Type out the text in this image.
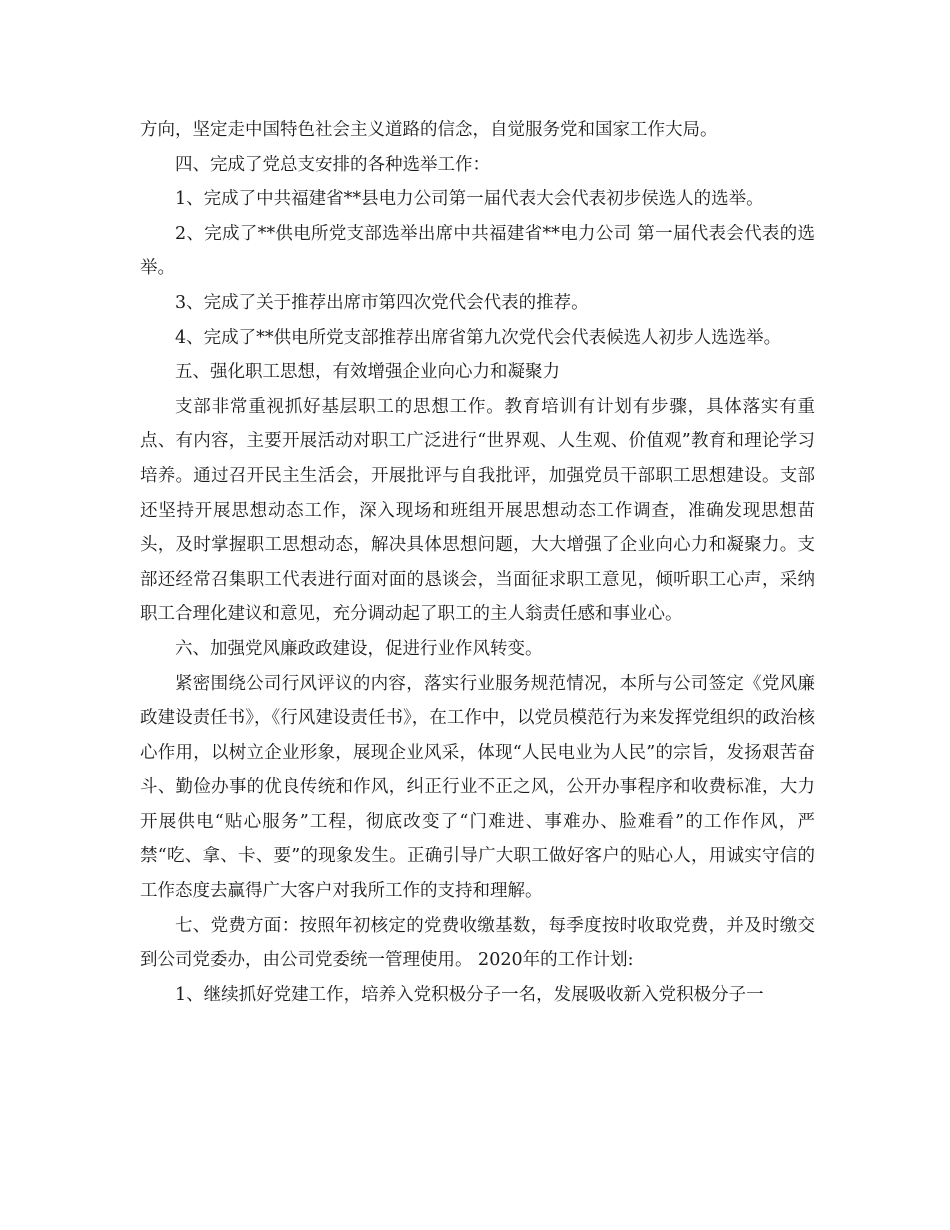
方向，坚定走中国特色社会主义道路的信念，自觉服务党和国家工作大局。

四、完成了党总支安排的各种选举工作：

1、完成了中共福建省**县电力公司第一届代表大会代表初步侯选人的选举。

2、完成了**供电所党支部选举出席中共福建省**电力公司 第一届代表会代表的选举。

3、完成了关于推荐出席市第四次党代会代表的推荐。

4、完成了**供电所党支部推荐出席省第九次党代会代表候选人初步人选选举。

五、强化职工思想，有效增强企业向心力和凝聚力

支部非常重视抓好基层职工的思想工作。教育培训有计划有步骤，具体落实有重点、有内容，主要开展活动对职工广泛进行“世界观、人生观、价值观”教育和理论学习培养。通过召开民主生活会，开展批评与自我批评，加强党员干部职工思想建设。支部还坚持开展思想动态工作，深入现场和班组开展思想动态工作调查，准确发现思想苗头，及时掌握职工思想动态，解决具体思想问题，大大增强了企业向心力和凝聚力。支部还经常召集职工代表进行面对面的恳谈会，当面征求职工意见，倾听职工心声，采纳职工合理化建议和意见，充分调动起了职工的主人翁责任感和事业心。

六、加强党风廉政政建设，促进行业作风转变。

紧密围绕公司行风评议的内容，落实行业服务规范情况，本所与公司签定《党风廉政建设责任书》，《行风建设责任书》，在工作中，以党员模范行为来发挥党组织的政治核心作用，以树立企业形象，展现企业风采，体现“人民电业为人民”的宗旨，发扬艰苦奋斗、勤俭办事的优良传统和作风，纠正行业不正之风，公开办事程序和收费标准，大力开展供电“贴心服务”工程，彻底改变了“门难进、事难办、脸难看”的工作作风，严禁“吃、拿、卡、要”的现象发生。正确引导广大职工做好客户的贴心人，用诚实守信的工作态度去赢得广大客户对我所工作的支持和理解。

七、党费方面：按照年初核定的党费收缴基数，每季度按时收取党费，并及时缴交到公司党委办，由公司党委统一管理使用。 2020年的工作计划:

1、继续抓好党建工作，培养入党积极分子一名，发展吸收新入党积极分子一
